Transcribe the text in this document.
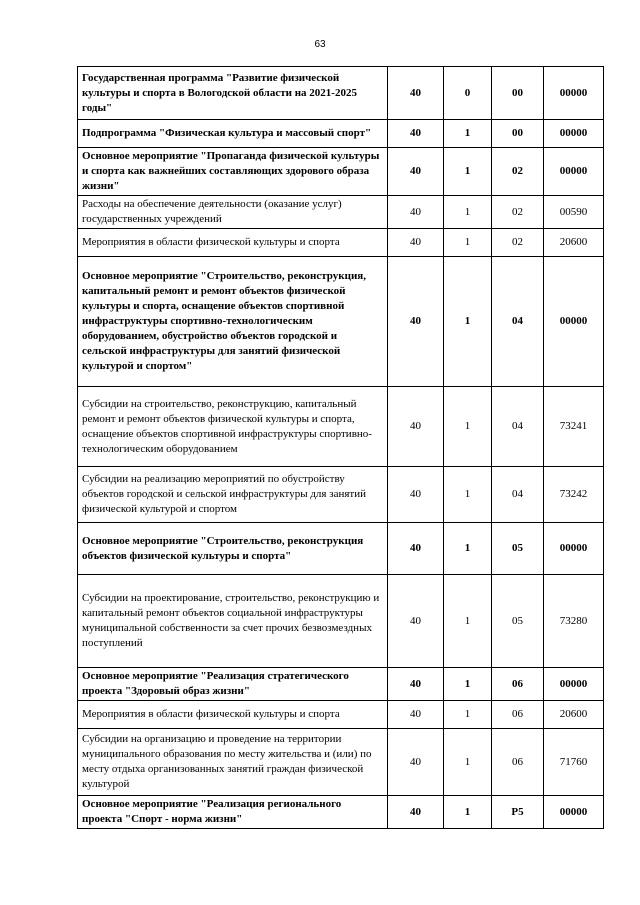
63
Государственная программа "Развитие физической культуры и спорта в Вологодской области на 2021-2025 годы"	40	0	00	00000
Подпрограмма "Физическая культура и массовый спорт"	40	1	00	00000
Основное мероприятие "Пропаганда физической культуры и спорта как важнейших составляющих здорового образа жизни"	40	1	02	00000
Расходы на обеспечение деятельности (оказание услуг) государственных учреждений	40	1	02	00590
Мероприятия в области физической культуры и спорта	40	1	02	20600
Основное мероприятие "Строительство, реконструкция, капитальный ремонт и ремонт объектов физической культуры и спорта, оснащение объектов спортивной инфраструктуры спортивно-технологическим оборудованием, обустройство объектов городской и сельской инфраструктуры для занятий физической культурой и спортом"	40	1	04	00000
Субсидии на строительство, реконструкцию, капитальный ремонт и ремонт объектов физической культуры и спорта, оснащение объектов спортивной инфраструктуры спортивно-технологическим оборудованием	40	1	04	73241
Субсидии на реализацию мероприятий по обустройству объектов городской и сельской инфраструктуры для занятий физической культурой и спортом	40	1	04	73242
Основное мероприятие "Строительство, реконструкция объектов физической культуры и спорта"	40	1	05	00000
Субсидии на проектирование, строительство, реконструкцию и капитальный ремонт объектов социальной инфраструктуры муниципальной собственности за счет прочих безвозмездных поступлений	40	1	05	73280
Основное мероприятие "Реализация стратегического проекта "Здоровый образ жизни"	40	1	06	00000
Мероприятия в области физической культуры и спорта	40	1	06	20600
Субсидии на организацию и проведение на территории муниципального образования по месту жительства и (или) по месту отдыха организованных занятий граждан физической культурой	40	1	06	71760
Основное мероприятие "Реализация регионального проекта "Спорт - норма жизни"	40	1	P5	00000
